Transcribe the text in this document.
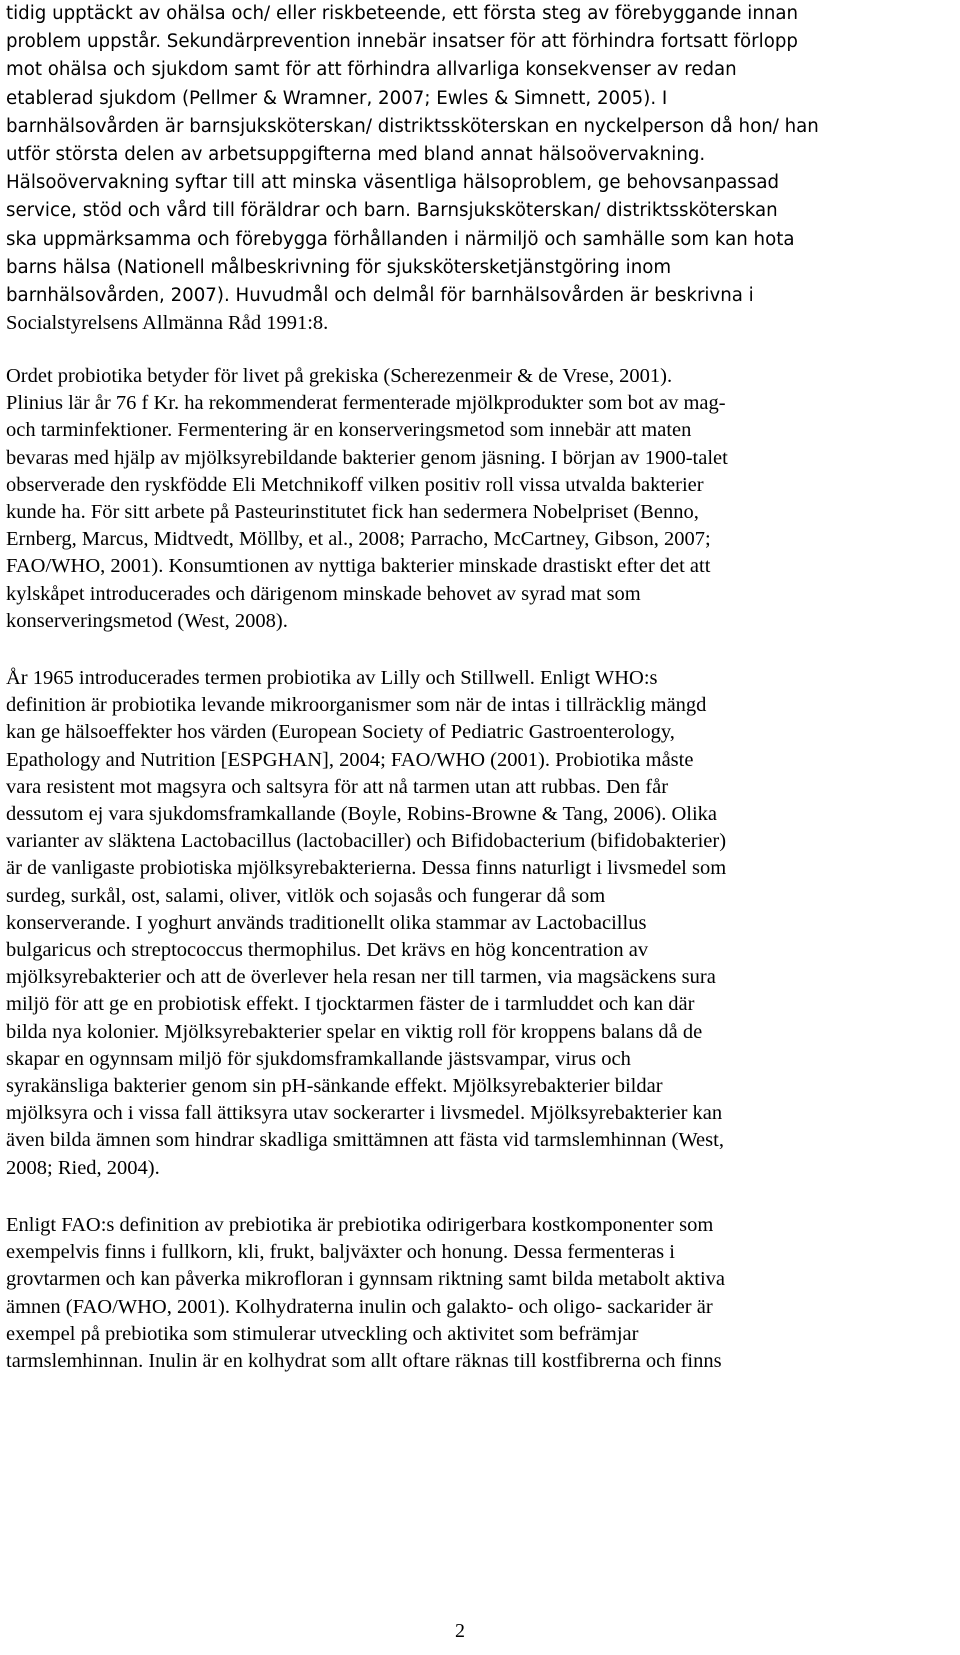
tidig upptäckt av ohälsa och/ eller riskbeteende, ett första steg av förebyggande innan
problem uppstår. Sekundärprevention innebär insatser för att förhindra fortsatt förlopp
mot ohälsa och sjukdom samt för att förhindra allvarliga konsekvenser av redan
etablerad sjukdom (Pellmer & Wramner, 2007; Ewles & Simnett, 2005). I
barnhälsovården är barnsjuksköterskan/ distriktssköterskan en nyckelperson då hon/ han
utför största delen av arbetsuppgifterna med bland annat hälsoövervakning.
Hälsoövervakning syftar till att minska väsentliga hälsoproblem, ge behovsanpassad
service, stöd och vård till föräldrar och barn. Barnsjuksköterskan/ distriktssköterskan
ska uppmärksamma och förebygga förhållanden i närmiljö och samhälle som kan hota
barns hälsa (Nationell målbeskrivning för sjukskötersketjänstgöring inom
barnhälsovården, 2007). Huvudmål och delmål för barnhälsovården är beskrivna i
Socialstyrelsens Allmänna Råd 1991:8.
Ordet probiotika betyder för livet på grekiska (Scherezenmeir & de Vrese, 2001).
Plinius lär år 76 f Kr. ha rekommenderat fermenterade mjölkprodukter som bot av mag-
och tarminfektioner. Fermentering är en konserveringsmetod som innebär att maten
bevaras med hjälp av mjölksyrebildande bakterier genom jäsning. I början av 1900-talet
observerade den ryskfödde Eli Metchnikoff vilken positiv roll vissa utvalda bakterier
kunde ha. För sitt arbete på Pasteurinstitutet fick han sedermera Nobelpriset (Benno,
Ernberg, Marcus, Midtvedt, Möllby, et al., 2008; Parracho, McCartney, Gibson, 2007;
FAO/WHO, 2001). Konsumtionen av nyttiga bakterier minskade drastiskt efter det att
kylskåpet introducerades och därigenom minskade behovet av syrad mat som
konserveringsmetod (West, 2008).
År 1965 introducerades termen probiotika av Lilly och Stillwell. Enligt WHO:s
definition är probiotika levande mikroorganismer som när de intas i tillräcklig mängd
kan ge hälsoeffekter hos värden (European Society of Pediatric Gastroenterology,
Epathology and Nutrition [ESPGHAN], 2004; FAO/WHO (2001). Probiotika måste
vara resistent mot magsyra och saltsyra för att nå tarmen utan att rubbas. Den får
dessutom ej vara sjukdomsframkallande (Boyle, Robins-Browne & Tang, 2006). Olika
varianter av släktena Lactobacillus (lactobaciller) och Bifidobacterium (bifidobakterier)
är de vanligaste probiotiska mjölksyrebakterierna. Dessa finns naturligt i livsmedel som
surdeg, surkål, ost, salami, oliver, vitlök och sojasås och fungerar då som
konserverande. I yoghurt används traditionellt olika stammar av Lactobacillus
bulgaricus och streptococcus thermophilus. Det krävs en hög koncentration av
mjölksyrebakterier och att de överlever hela resan ner till tarmen, via magsäckens sura
miljö för att ge en probiotisk effekt. I tjocktarmen fäster de i tarmluddet och kan där
bilda nya kolonier. Mjölksyrebakterier spelar en viktig roll för kroppens balans då de
skapar en ogynnsam miljö för sjukdomsframkallande jästsvampar, virus och
syrakänsliga bakterier genom sin pH-sänkande effekt. Mjölksyrebakterier bildar
mjölksyra och i vissa fall ättiksyra utav sockerarter i livsmedel. Mjölksyrebakterier kan
även bilda ämnen som hindrar skadliga smittämnen att fästa vid tarmslemhinnan (West,
2008; Ried, 2004).
Enligt FAO:s definition av prebiotika är prebiotika odirigerbara kostkomponenter som
exempelvis finns i fullkorn, kli, frukt, baljväxter och honung. Dessa fermenteras i
grovtarmen och kan påverka mikrofloran i gynnsam riktning samt bilda metabolt aktiva
ämnen (FAO/WHO, 2001). Kolhydraterna inulin och galakto- och oligo- sackarider är
exempel på prebiotika som stimulerar utveckling och aktivitet som befrämjar
tarmslemhinnan. Inulin är en kolhydrat som allt oftare räknas till kostfibrerna och finns
2
